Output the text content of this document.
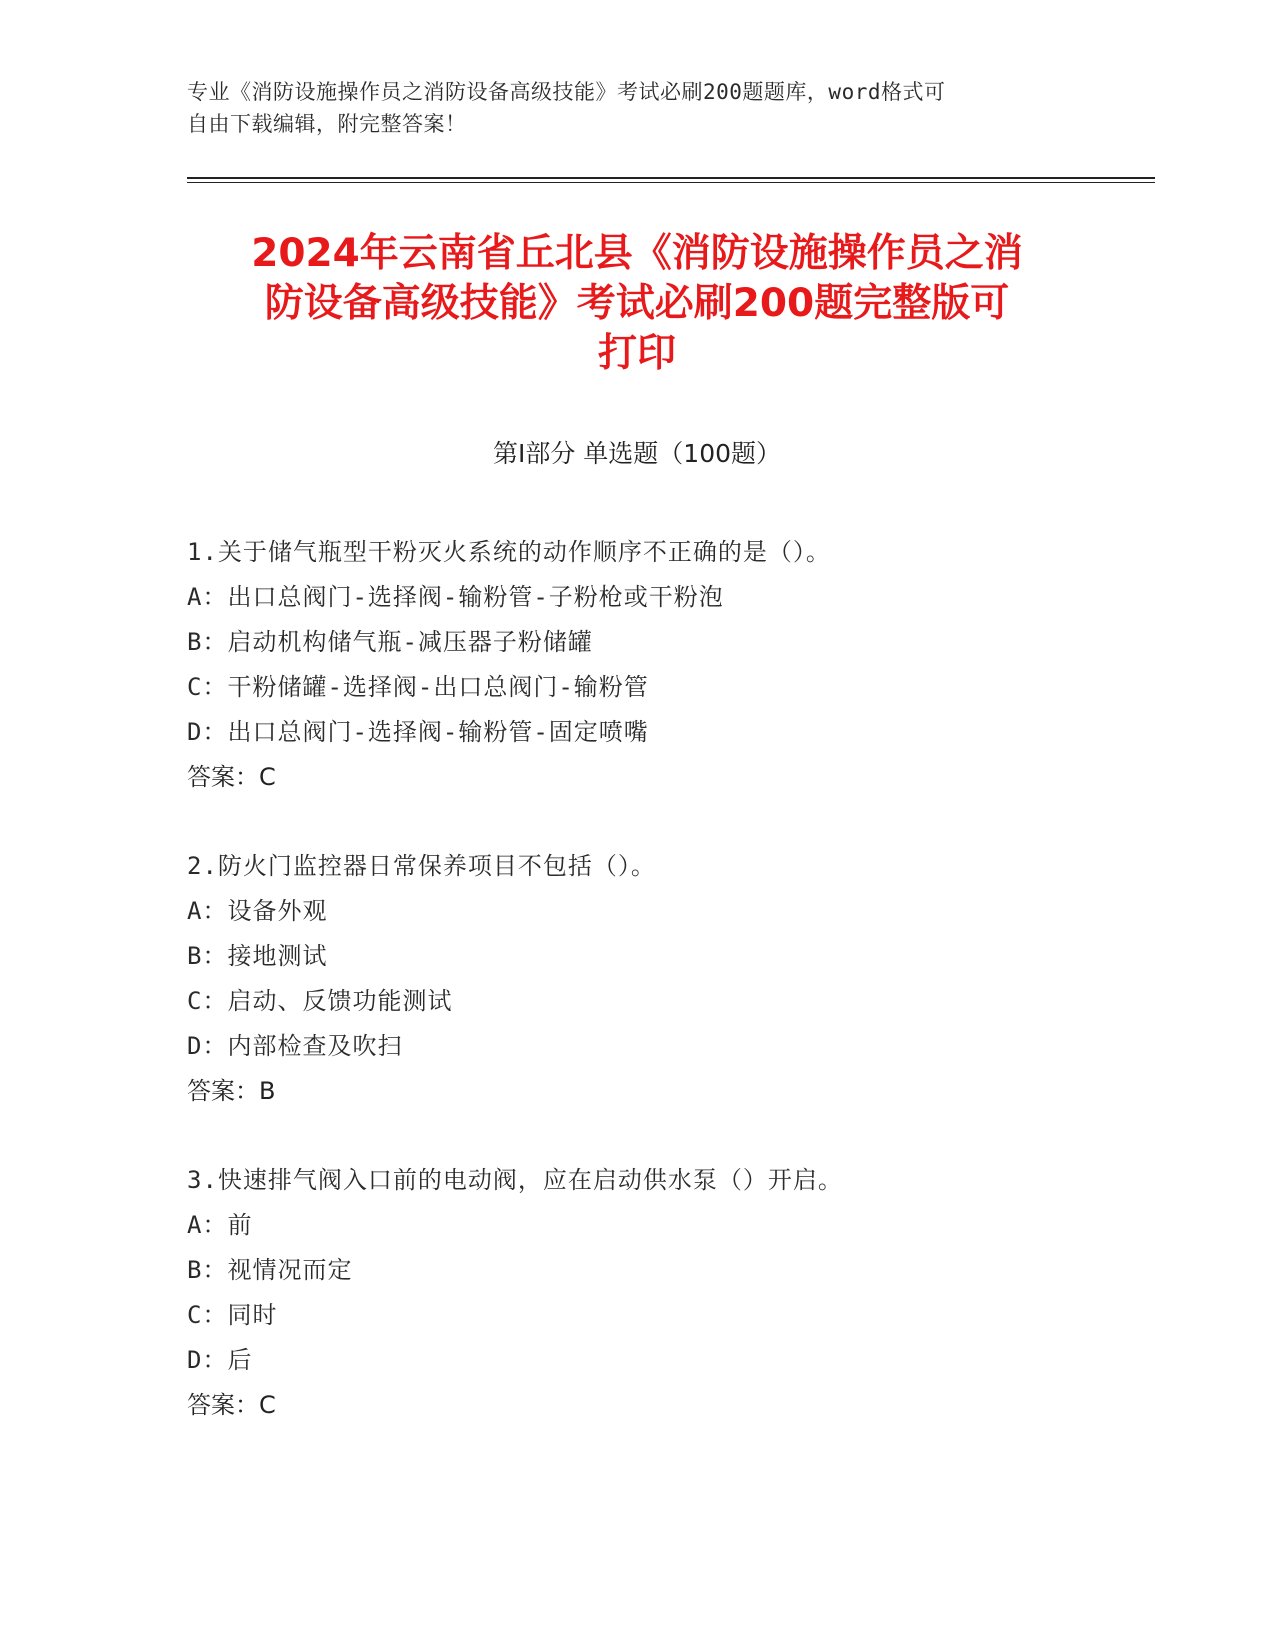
专业《消防设施操作员之消防设备高级技能》考试必刷200题题库，word格式可
自由下载编辑，附完整答案！
2024年云南省丘北县《消防设施操作员之消
防设备高级技能》考试必刷200题完整版可
打印
第I部分 单选题（100题）
1.关于储气瓶型干粉灭火系统的动作顺序不正确的是（）。
A：出口总阀门-选择阀-输粉管-子粉枪或干粉泡
B：启动机构储气瓶-减压器子粉储罐
C：干粉储罐-选择阀-出口总阀门-输粉管
D：出口总阀门-选择阀-输粉管-固定喷嘴
答案：C
2.防火门监控器日常保养项目不包括（）。
A：设备外观
B：接地测试
C：启动、反馈功能测试
D：内部检查及吹扫
答案：B
3.快速排气阀入口前的电动阀，应在启动供水泵（）开启。
A：前
B：视情况而定
C：同时
D：后
答案：C
